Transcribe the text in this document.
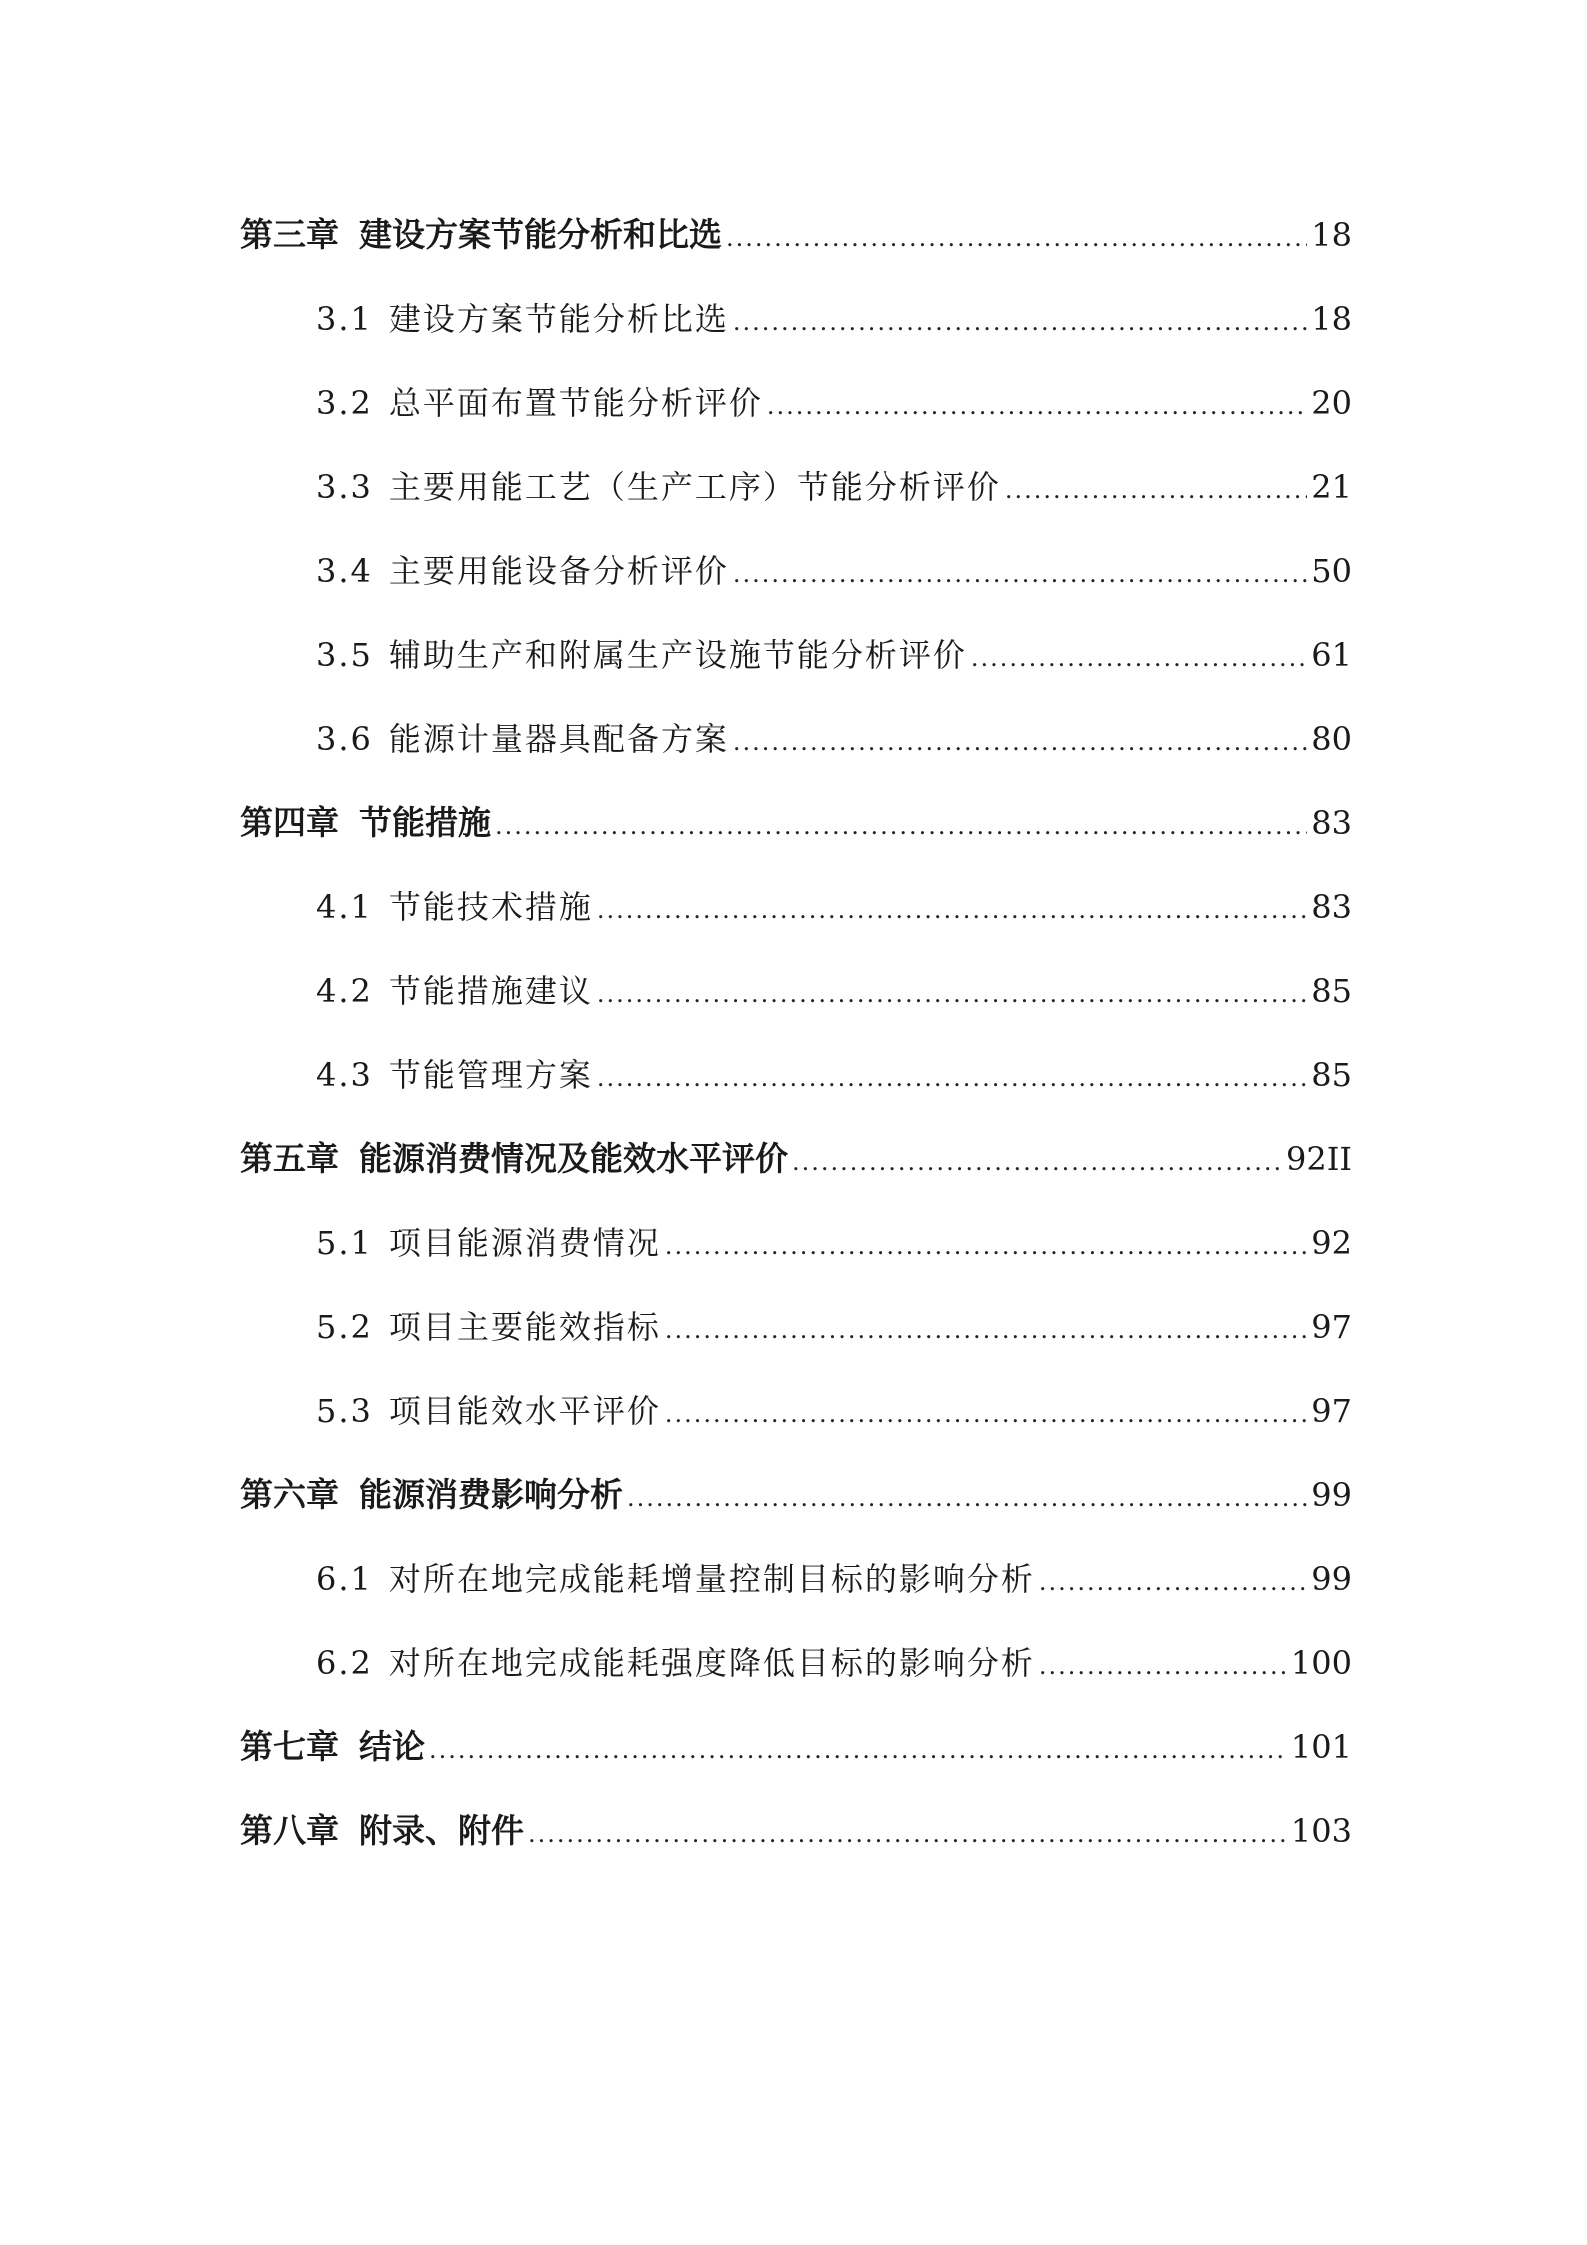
第三章 建设方案节能分析和比选 .....	18
3.1 建设方案节能分析比选 .....	18
3.2 总平面布置节能分析评价 .....	20
3.3 主要用能工艺（生产工序）节能分析评价 .....	21
3.4 主要用能设备分析评价 .....	50
3.5 辅助生产和附属生产设施节能分析评价 .....	61
3.6 能源计量器具配备方案 .....	80
第四章 节能措施 .....	83
4.1 节能技术措施 .....	83
4.2 节能措施建议 .....	85
4.3 节能管理方案 .....	85
第五章 能源消费情况及能效水平评价 .....	92II
5.1 项目能源消费情况 .....	92
5.2 项目主要能效指标 .....	97
5.3 项目能效水平评价 .....	97
第六章 能源消费影响分析 .....	99
6.1 对所在地完成能耗增量控制目标的影响分析 .....	99
6.2 对所在地完成能耗强度降低目标的影响分析 .....	100
第七章 结论 .....	101
第八章 附录、附件 .....	103
